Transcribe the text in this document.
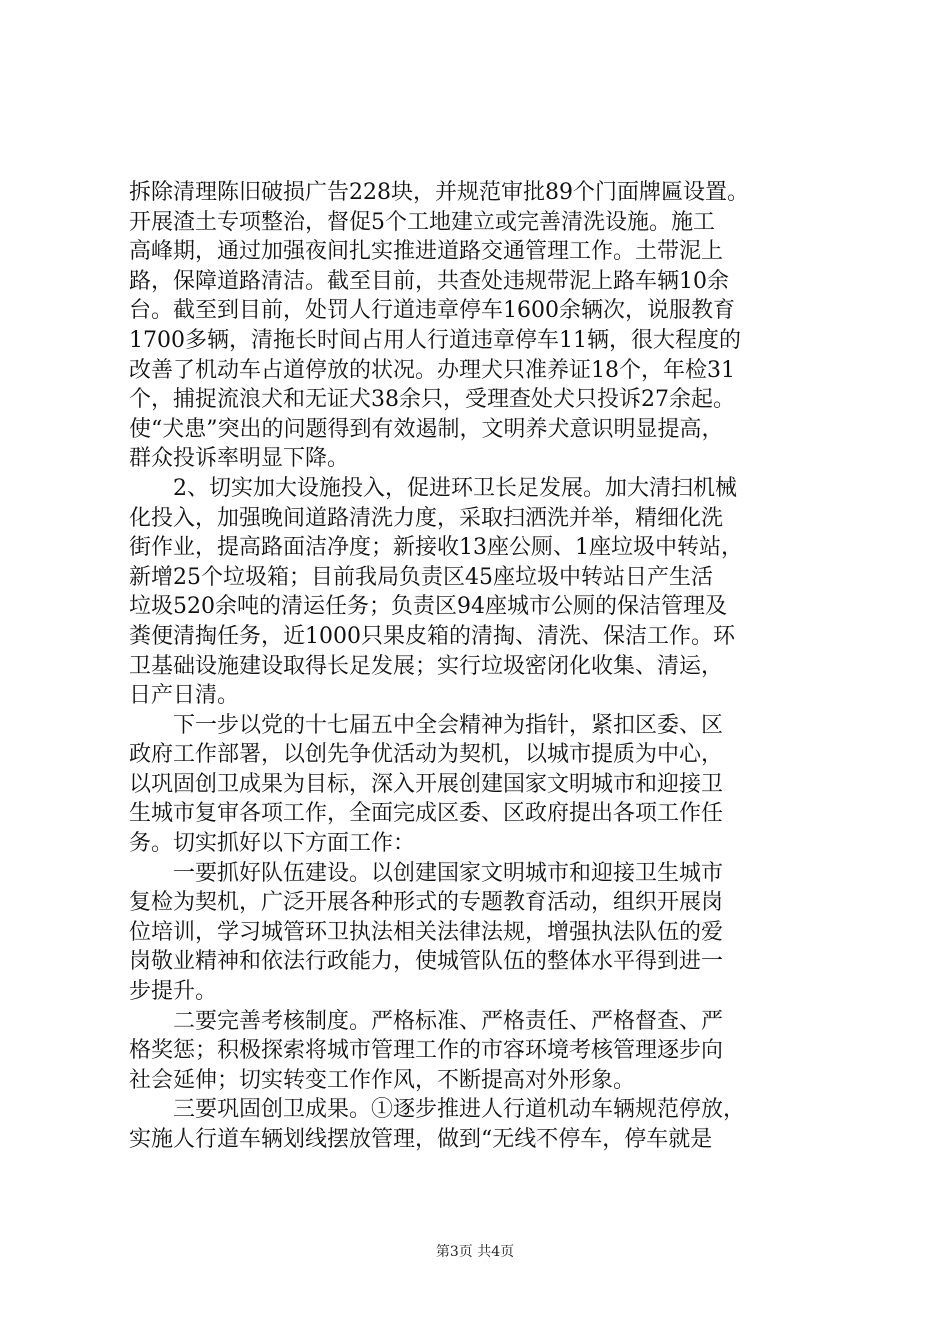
拆除清理陈旧破损广告228块，并规范审批89个门面牌匾设置。
开展渣土专项整治，督促5个工地建立或完善清洗设施。施工
高峰期，通过加强夜间扎实推进道路交通管理工作。土带泥上
路，保障道路清洁。截至目前，共查处违规带泥上路车辆10余
台。截至到目前，处罚人行道违章停车1600余辆次，说服教育
1700多辆，清拖长时间占用人行道违章停车11辆，很大程度的
改善了机动车占道停放的状况。办理犬只准养证18个，年检31
个，捕捉流浪犬和无证犬38余只，受理查处犬只投诉27余起。
使“犬患”突出的问题得到有效遏制，文明养犬意识明显提高，
群众投诉率明显下降。
2、切实加大设施投入，促进环卫长足发展。加大清扫机械
化投入，加强晚间道路清洗力度，采取扫洒洗并举，精细化洗
街作业，提高路面洁净度；新接收13座公厕、1座垃圾中转站，
新增25个垃圾箱；目前我局负责区45座垃圾中转站日产生活
垃圾520余吨的清运任务；负责区94座城市公厕的保洁管理及
粪便清掏任务，近1000只果皮箱的清掏、清洗、保洁工作。环
卫基础设施建设取得长足发展；实行垃圾密闭化收集、清运，
日产日清。
下一步以党的十七届五中全会精神为指针，紧扣区委、区
政府工作部署，以创先争优活动为契机，以城市提质为中心，
以巩固创卫成果为目标，深入开展创建国家文明城市和迎接卫
生城市复审各项工作，全面完成区委、区政府提出各项工作任
务。切实抓好以下方面工作：
一要抓好队伍建设。以创建国家文明城市和迎接卫生城市
复检为契机，广泛开展各种形式的专题教育活动，组织开展岗
位培训，学习城管环卫执法相关法律法规，增强执法队伍的爱
岗敬业精神和依法行政能力，使城管队伍的整体水平得到进一
步提升。
二要完善考核制度。严格标准、严格责任、严格督查、严
格奖惩；积极探索将城市管理工作的市容环境考核管理逐步向
社会延伸；切实转变工作作风，不断提高对外形象。
三要巩固创卫成果。①逐步推进人行道机动车辆规范停放，
实施人行道车辆划线摆放管理，做到“无线不停车，停车就是
第3页 共4页
